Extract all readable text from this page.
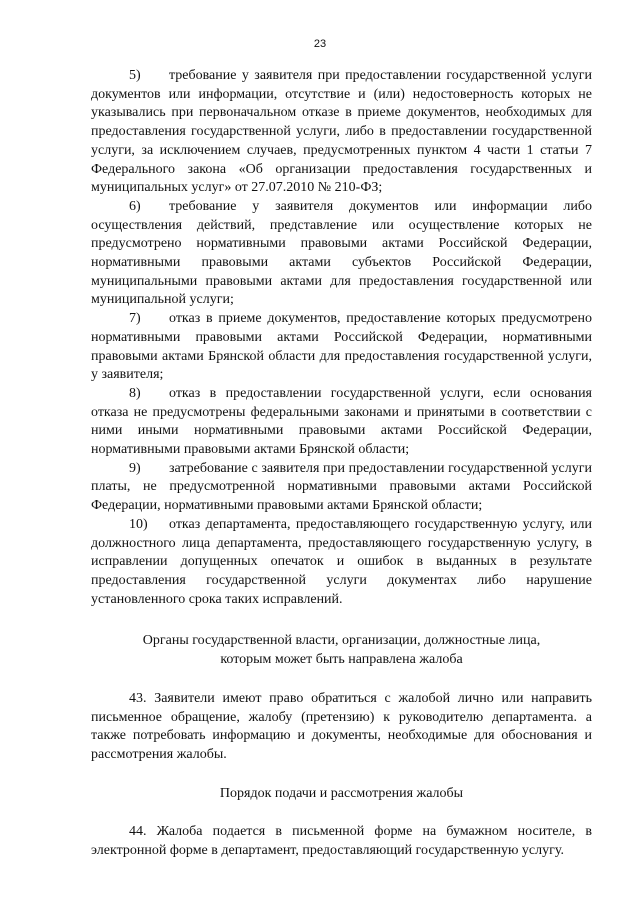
23

5) требование у заявителя при предоставлении государственной услуги документов или информации, отсутствие и (или) недостоверность которых не указывались при первоначальном отказе в приеме документов, необходимых для предоставления государственной услуги, либо в предоставлении государственной услуги, за исключением случаев, предусмотренных пунктом 4 части 1 статьи 7 Федерального закона «Об организации предоставления государственных и муниципальных услуг» от 27.07.2010 № 210-ФЗ;

6) требование у заявителя документов или информации либо осуществления действий, представление или осуществление которых не предусмотрено нормативными правовыми актами Российской Федерации, нормативными правовыми актами субъектов Российской Федерации, муниципальными правовыми актами для предоставления государственной или муниципальной услуги;

7) отказ в приеме документов, предоставление которых предусмотрено нормативными правовыми актами Российской Федерации, нормативными правовыми актами Брянской области для предоставления государственной услуги, у заявителя;

8) отказ в предоставлении государственной услуги, если основания отказа не предусмотрены федеральными законами и принятыми в соответствии с ними иными нормативными правовыми актами Российской Федерации, нормативными правовыми актами Брянской области;

9) затребование с заявителя при предоставлении государственной услуги платы, не предусмотренной нормативными правовыми актами Российской Федерации, нормативными правовыми актами Брянской области;

10) отказ департамента, предоставляющего государственную услугу, или должностного лица департамента, предоставляющего государственную услугу, в исправлении допущенных опечаток и ошибок в выданных в результате предоставления государственной услуги документах либо нарушение установленного срока таких исправлений.

Органы государственной власти, организации, должностные лица,

которым может быть направлена жалоба

43. Заявители имеют право обратиться с жалобой лично или направить письменное обращение, жалобу (претензию) к руководителю департамента. а также потребовать информацию и документы, необходимые для обоснования и рассмотрения жалобы.

Порядок подачи и рассмотрения жалобы

44. Жалоба подается в письменной форме на бумажном носителе, в электронной форме в департамент, предоставляющий государственную услугу.
